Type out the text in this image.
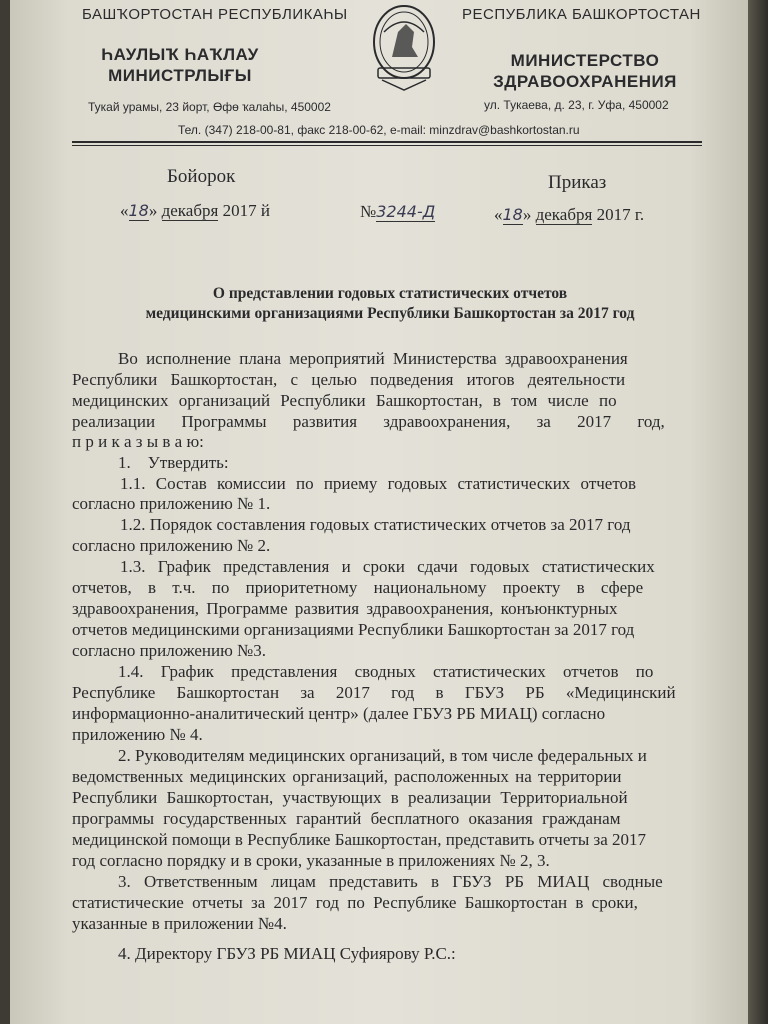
БАШҠОРТОСТАН РЕСПУБЛИКАҺЫ	РЕСПУБЛИКА БАШКОРТОСТАН
ҺАУЛЫҠ ҺАҠЛАУ
МИНИСТРЛЫҒЫ
МИНИСТЕРСТВО
ЗДРАВООХРАНЕНИЯ
Тукай урамы, 23 йорт, Өфө ҡалаһы, 450002	ул. Тукаева, д. 23, г. Уфа, 450002
Тел. (347) 218-00-81, факс 218-00-62, e-mail: minzdrav@bashkortostan.ru
Бойорок	Приказ
«18» декабря 2017 й	№3244-Д	«18» декабря 2017 г.
О представлении годовых статистических отчетов
медицинскими организациями Республики Башкортостан за 2017 год
Во исполнение плана мероприятий Министерства здравоохранения
Республики Башкортостан, с целью подведения итогов деятельности
медицинских организаций Республики Башкортостан, в том числе по
реализации Программы развития здравоохранения, за 2017 год,
п р и к а з ы в а ю:
1.    Утвердить:
1.1. Состав комиссии по приему годовых статистических отчетов
согласно приложению № 1.
1.2. Порядок составления годовых статистических отчетов за 2017 год
согласно приложению № 2.
1.3. График представления и сроки сдачи годовых статистических
отчетов, в т.ч. по приоритетному национальному проекту в сфере
здравоохранения, Программе развития здравоохранения, конъюнктурных
отчетов медицинскими организациями Республики Башкортостан за 2017 год
согласно приложению №3.
1.4. График представления сводных статистических отчетов по
Республике Башкортостан за 2017 год в ГБУЗ РБ «Медицинский
информационно-аналитический центр» (далее ГБУЗ РБ МИАЦ) согласно
приложению № 4.
2. Руководителям медицинских организаций, в том числе федеральных и
ведомственных медицинских организаций, расположенных на территории
Республики Башкортостан, участвующих в реализации Территориальной
программы государственных гарантий бесплатного оказания гражданам
медицинской помощи в Республике Башкортостан, представить отчеты за 2017
год согласно порядку и в сроки, указанные в приложениях № 2, 3.
3. Ответственным лицам представить в ГБУЗ РБ МИАЦ сводные
статистические отчеты за 2017 год по Республике Башкортостан в сроки,
указанные в приложении №4.
4. Директору ГБУЗ РБ МИАЦ Суфиярову Р.С.:
